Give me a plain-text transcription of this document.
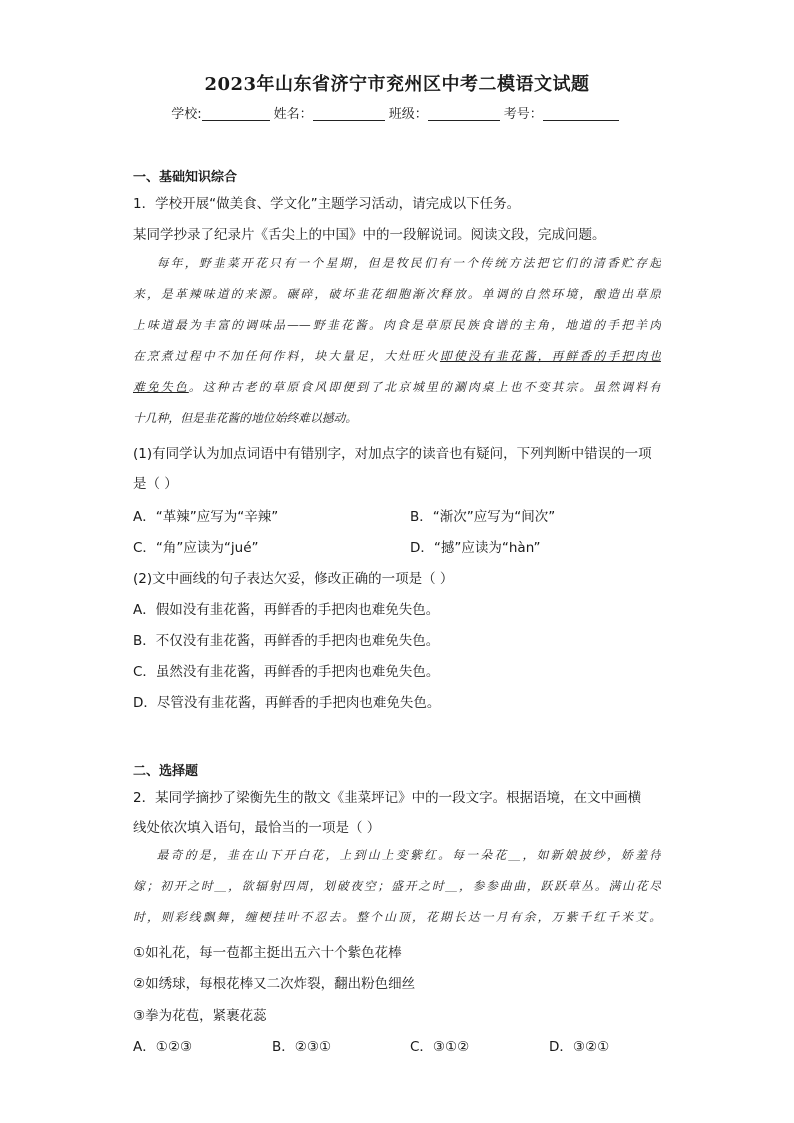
2023年山东省济宁市兖州区中考二模语文试题
学校:	姓名：	班级：	考号：
一、基础知识综合
1．学校开展“做美食、学文化”主题学习活动，请完成以下任务。
某同学抄录了纪录片《舌尖上的中国》中的一段解说词。阅读文段，完成问题。
每年，野韭菜开花只有一个星期，但是牧民们有一个传统方法把它们的清香贮存起
来，是革辣味道的来源。碾碎，破坏韭花细胞渐次释放。单调的自然环境，酿造出草原
上味道最为丰富的调味品——野韭花酱。肉食是草原民族食谱的主角，地道的手把羊肉
在烹煮过程中不加任何作料，块大量足，大灶旺火即使没有韭花酱，再鲜香的手把肉也
难免失色。这种古老的草原食风即便到了北京城里的涮肉桌上也不变其宗。虽然调料有
十几种，但是韭花酱的地位始终难以撼动。
(1)有同学认为加点词语中有错别字，对加点字的读音也有疑问，下列判断中错误的一项
是（ ）
A．“革辣”应写为“辛辣”	B．“渐次”应写为“间次”
C．“角”应读为“jué”	D．“撼”应读为“hàn”
(2)文中画线的句子表达欠妥，修改正确的一项是（ ）
A．假如没有韭花酱，再鲜香的手把肉也难免失色。
B．不仅没有韭花酱，再鲜香的手把肉也难免失色。
C．虽然没有韭花酱，再鲜香的手把肉也难免失色。
D．尽管没有韭花酱，再鲜香的手把肉也难免失色。
二、选择题
2．某同学摘抄了梁衡先生的散文《韭菜坪记》中的一段文字。根据语境，在文中画横
线处依次填入语句，最恰当的一项是（ ）
最奇的是，韭在山下开白花，上到山上变紫红。每一朵花＿，如新娘披纱，娇羞待
嫁；初开之时＿，欲辐射四周，划破夜空；盛开之时＿，参参曲曲，跃跃草丛。满山花尽
时，则彩线飘舞，缠梗挂叶不忍去。整个山顶，花期长达一月有余，万紫千红千米艾。
①如礼花，每一苞都主挺出五六十个紫色花棒
②如绣球，每根花棒又二次炸裂，翻出粉色细丝
③拳为花苞，紧裹花蕊
A．①②③	B．②③①	C．③①②	D．③②①
